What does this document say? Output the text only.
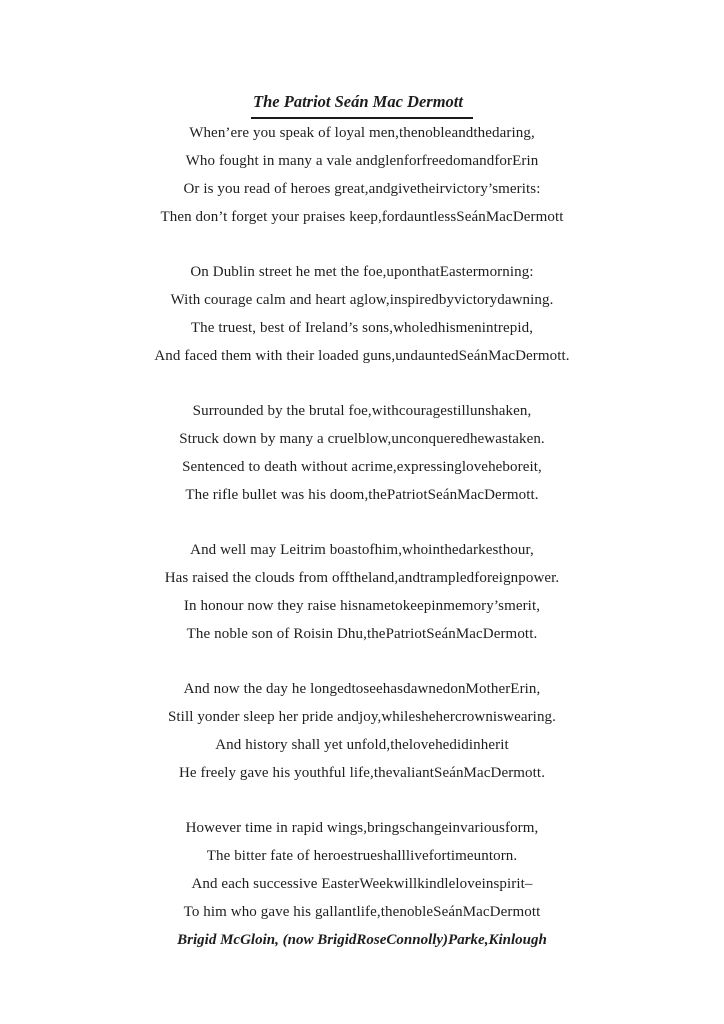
The Patriot Seán Mac Dermott

When’ere you speak of loyal men,thenobleandthedaring,

Who fought in many a vale andglenforfreedomandforErin

Or is you read of heroes great,andgivetheirvictory’smerits:

Then don’t forget your praises keep,fordauntlessSeánMacDermott

On Dublin street he met the foe,uponthatEastermorning:

With courage calm and heart aglow,inspiredbyvictorydawning.

The truest, best of Ireland’s sons,wholedhismenintrepid,

And faced them with their loaded guns,undauntedSeánMacDermott.

Surrounded by the brutal foe,withcouragestillunshaken,

Struck down by many a cruelblow,unconqueredhewastaken.

Sentenced to death without acrime,expressingloveheboreit,

The rifle bullet was his doom,thePatriotSeánMacDermott.

And well may Leitrim boastofhim,whointhedarkesthour,

Has raised the clouds from offtheland,andtrampledforeignpower.

In honour now they raise hisnametokeepinmemory’smerit,

The noble son of Roisin Dhu,thePatriotSeánMacDermott.

And now the day he longedtoseehasdawnedonMotherErin,

Still yonder sleep her pride andjoy,whileshehercrowniswearing.

And history shall yet unfold,thelovehedidinherit

He freely gave his youthful life,thevaliantSeánMacDermott.

However time in rapid wings,bringschangeinvariousform,

The bitter fate of heroestrueshalllivefortimeuntorn.

And each successive EasterWeekwillkindleloveinspirit–

To him who gave his gallantlife,thenobleSeánMacDermott

Brigid McGloin, (now BrigidRoseConnolly)Parke,Kinlough
